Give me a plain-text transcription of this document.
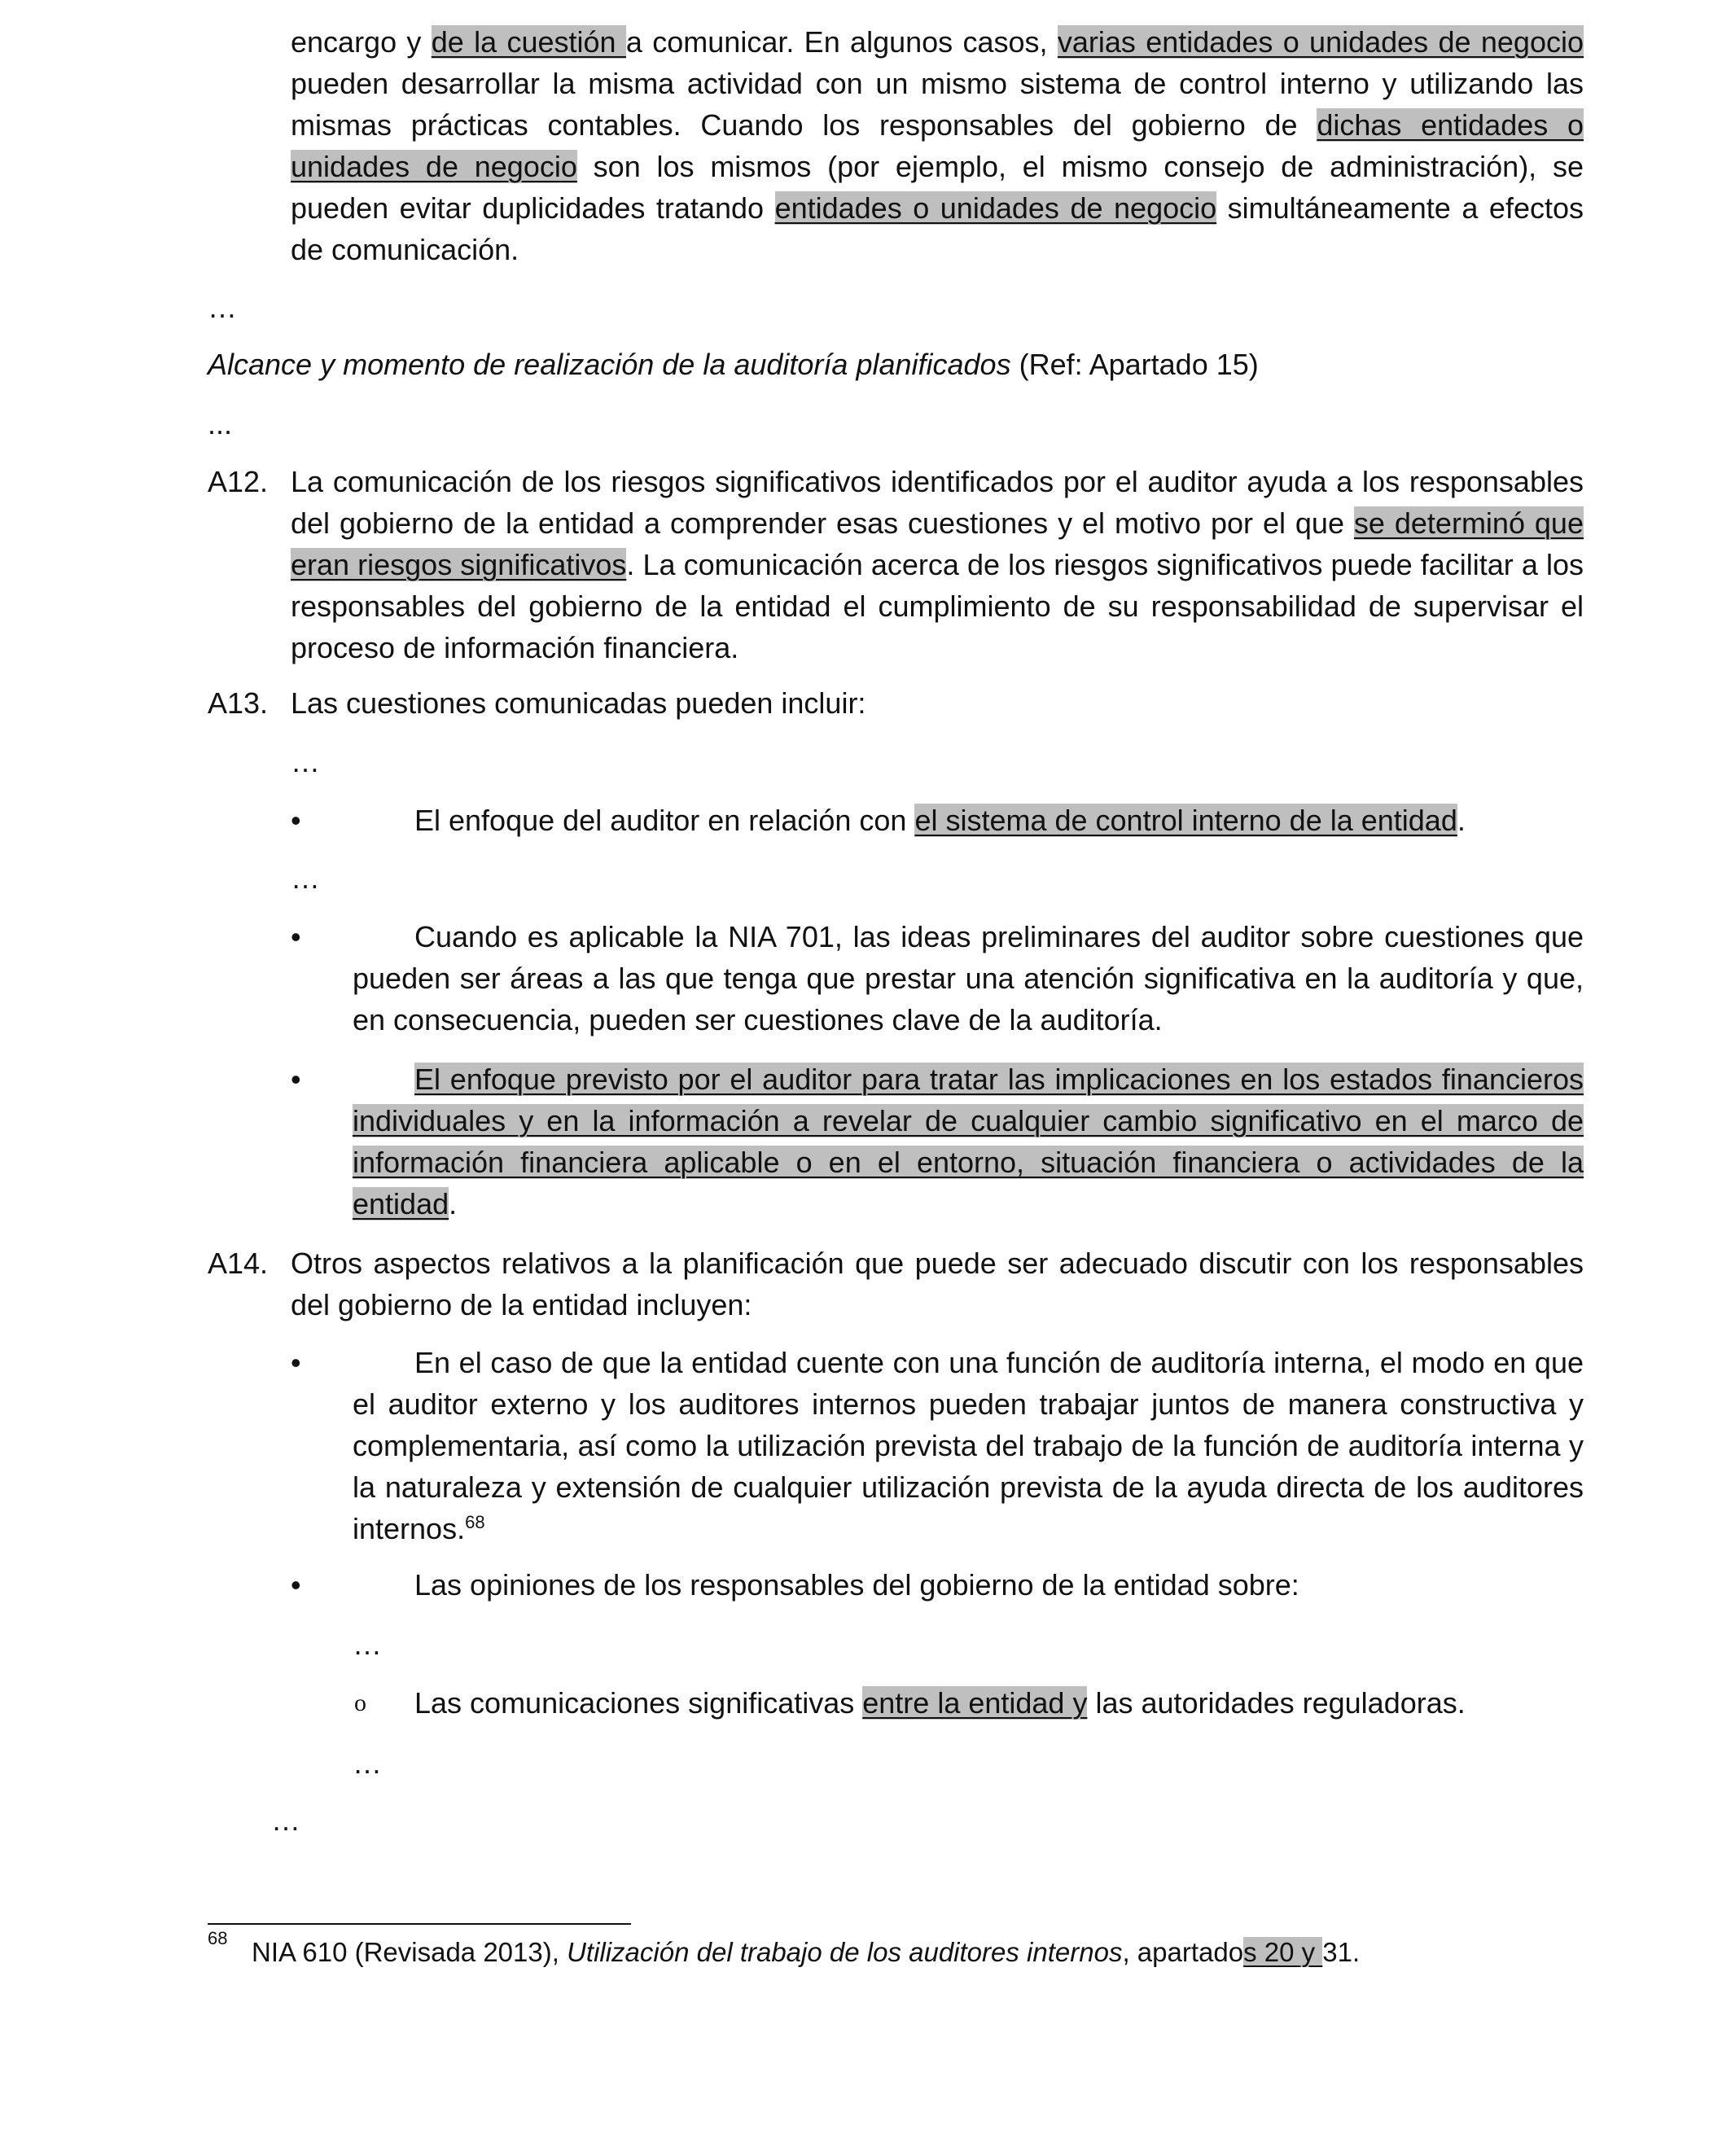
encargo y de la cuestión a comunicar. En algunos casos, varias entidades o unidades de negocio pueden desarrollar la misma actividad con un mismo sistema de control interno y utilizando las mismas prácticas contables. Cuando los responsables del gobierno de dichas entidades o unidades de negocio son los mismos (por ejemplo, el mismo consejo de administración), se pueden evitar duplicidades tratando entidades o unidades de negocio simultáneamente a efectos de comunicación.
…
Alcance y momento de realización de la auditoría planificados (Ref: Apartado 15)
...
A12. La comunicación de los riesgos significativos identificados por el auditor ayuda a los responsables del gobierno de la entidad a comprender esas cuestiones y el motivo por el que se determinó que eran riesgos significativos. La comunicación acerca de los riesgos significativos puede facilitar a los responsables del gobierno de la entidad el cumplimiento de su responsabilidad de supervisar el proceso de información financiera.
A13. Las cuestiones comunicadas pueden incluir:
…
•	El enfoque del auditor en relación con el sistema de control interno de la entidad.
…
•	Cuando es aplicable la NIA 701, las ideas preliminares del auditor sobre cuestiones que pueden ser áreas a las que tenga que prestar una atención significativa en la auditoría y que, en consecuencia, pueden ser cuestiones clave de la auditoría.
•	El enfoque previsto por el auditor para tratar las implicaciones en los estados financieros individuales y en la información a revelar de cualquier cambio significativo en el marco de información financiera aplicable o en el entorno, situación financiera o actividades de la entidad.
A14. Otros aspectos relativos a la planificación que puede ser adecuado discutir con los responsables del gobierno de la entidad incluyen:
•	En el caso de que la entidad cuente con una función de auditoría interna, el modo en que el auditor externo y los auditores internos pueden trabajar juntos de manera constructiva y complementaria, así como la utilización prevista del trabajo de la función de auditoría interna y la naturaleza y extensión de cualquier utilización prevista de la ayuda directa de los auditores internos.$^{68}$
•	Las opiniones de los responsables del gobierno de la entidad sobre:
…
o Las comunicaciones significativas entre la entidad y las autoridades reguladoras.
…
…
68 NIA 610 (Revisada 2013), Utilización del trabajo de los auditores internos, apartados 20 y 31.
